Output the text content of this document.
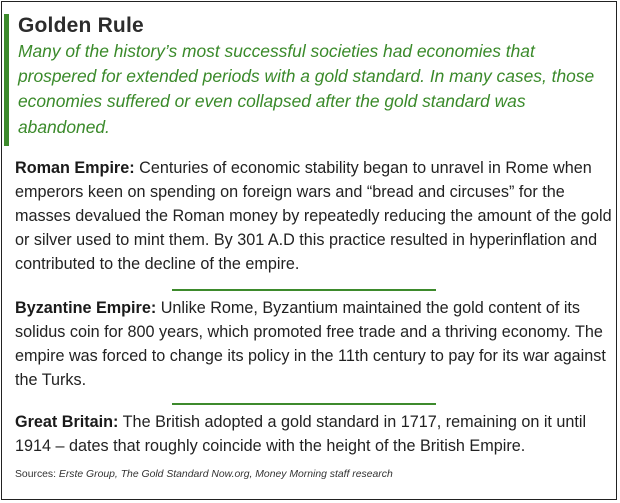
Golden Rule

Many of the history’s most successful societies had economies that prospered for extended periods with a gold standard. In many cases, those economies suffered or even collapsed after the gold standard was abandoned.

Roman Empire: Centuries of economic stability began to unravel in Rome when emperors keen on spending on foreign wars and “bread and circuses” for the masses devalued the Roman money by repeatedly reducing the amount of the gold or silver used to mint them. By 301 A.D this practice resulted in hyperinflation and contributed to the decline of the empire.

Byzantine Empire: Unlike Rome, Byzantium maintained the gold content of its solidus coin for 800 years, which promoted free trade and a thriving economy. The empire was forced to change its policy in the 11th century to pay for its war against the Turks.

Great Britain: The British adopted a gold standard in 1717, remaining on it until 1914 – dates that roughly coincide with the height of the British Empire.

Sources: Erste Group, The Gold Standard Now.org, Money Morning staff research
